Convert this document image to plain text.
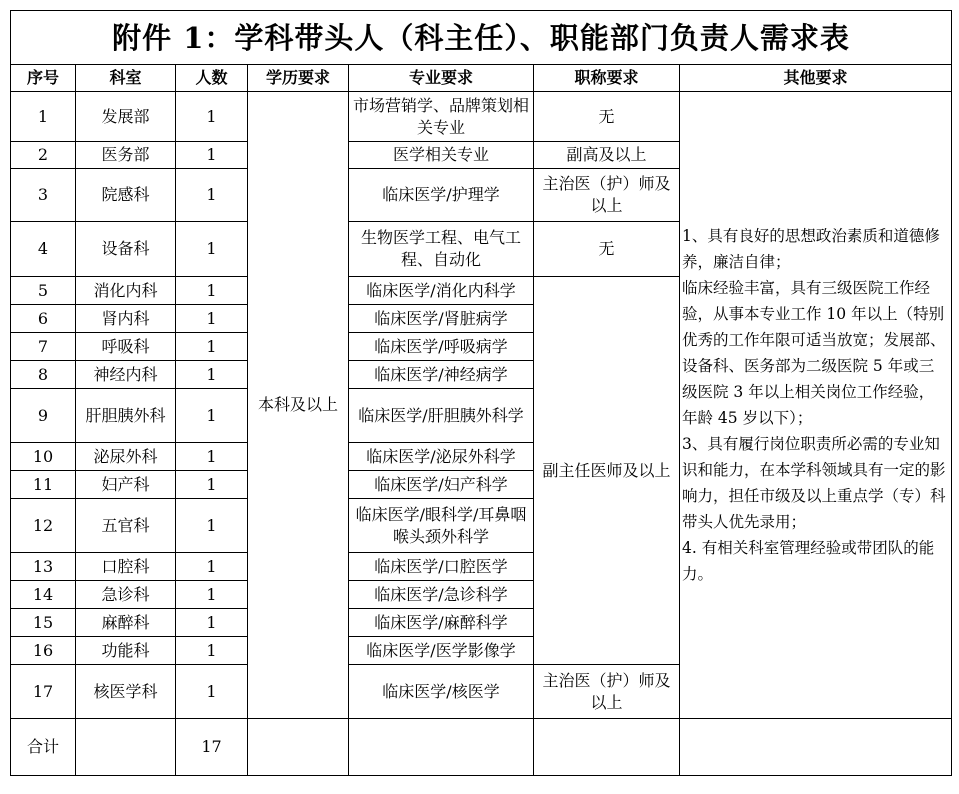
附件 1：学科带头人（科主任）、职能部门负责人需求表						
序号	科室	人数	学历要求	专业要求	职称要求	其他要求
1	发展部	1	本科及以上	市场营销学、品牌策划相关专业	无	1、具有良好的思想政治素质和道德修养，廉洁自律；
临床经验丰富，具有三级医院工作经验，从事本专业工作 10 年以上（特别优秀的工作年限可适当放宽；发展部、设备科、医务部为二级医院 5 年或三级医院 3 年以上相关岗位工作经验，年龄 45 岁以下）；
3、具有履行岗位职责所必需的专业知识和能力，在本学科领域具有一定的影响力，担任市级及以上重点学（专）科带头人优先录用；
4. 有相关科室管理经验或带团队的能力。
2	医务部	1		医学相关专业	副高及以上	
3	院感科	1		临床医学/护理学	主治医（护）师及以上	
4	设备科	1		生物医学工程、电气工程、自动化	无	
5	消化内科	1		临床医学/消化内科学	副主任医师及以上	
6	肾内科	1		临床医学/肾脏病学		
7	呼吸科	1		临床医学/呼吸病学		
8	神经内科	1		临床医学/神经病学		
9	肝胆胰外科	1		临床医学/肝胆胰外科学		
10	泌尿外科	1		临床医学/泌尿外科学		
11	妇产科	1		临床医学/妇产科学		
12	五官科	1		临床医学/眼科学/耳鼻咽喉头颈外科学		
13	口腔科	1		临床医学/口腔医学		
14	急诊科	1		临床医学/急诊科学		
15	麻醉科	1		临床医学/麻醉科学		
16	功能科	1		临床医学/医学影像学		
17	核医学科	1		临床医学/核医学	主治医（护）师及以上	
合计		17				
